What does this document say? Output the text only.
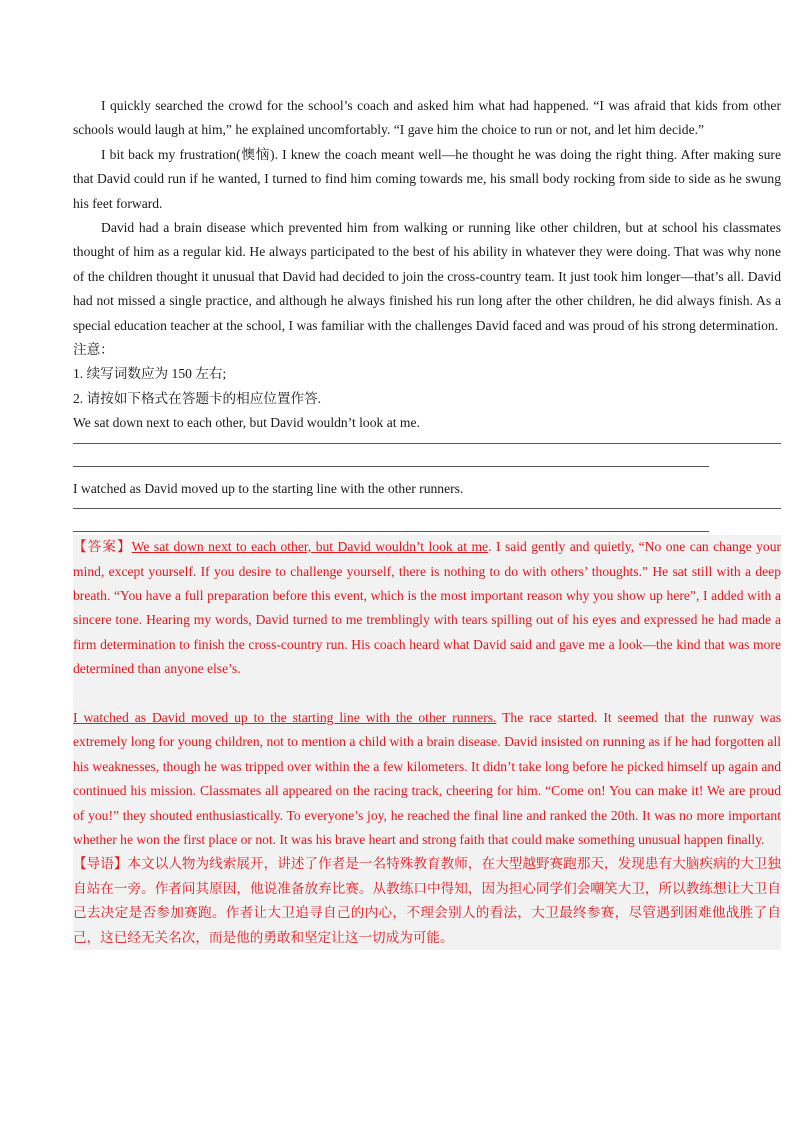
I quickly searched the crowd for the school’s coach and asked him what had happened. “I was afraid that kids from other schools would laugh at him,” he explained uncomfortably. “I gave him the choice to run or not, and let him decide.”

I bit back my frustration(懊恼). I knew the coach meant well—he thought he was doing the right thing. After making sure that David could run if he wanted, I turned to find him coming towards me, his small body rocking from side to side as he swung his feet forward.

David had a brain disease which prevented him from walking or running like other children, but at school his classmates thought of him as a regular kid. He always participated to the best of his ability in whatever they were doing. That was why none of the children thought it unusual that David had decided to join the cross-country team. It just took him longer—that’s all. David had not missed a single practice, and although he always finished his run long after the other children, he did always finish. As a special education teacher at the school, I was familiar with the challenges David faced and was proud of his strong determination.

注意：

1. 续写词数应为 150 左右;

2. 请按如下格式在答题卡的相应位置作答.

We sat down next to each other, but David wouldn’t look at me.

I watched as David moved up to the starting line with the other runners.

【答案】We sat down next to each other, but David wouldn’t look at me. I said gently and quietly, “No one can change your mind, except yourself. If you desire to challenge yourself, there is nothing to do with others’ thoughts.” He sat still with a deep breath. “You have a full preparation before this event, which is the most important reason why you show up here”, I added with a sincere tone. Hearing my words, David turned to me tremblingly with tears spilling out of his eyes and expressed he had made a firm determination to finish the cross-country run. His coach heard what David said and gave me a look—the kind that was more determined than anyone else’s.

I watched as David moved up to the starting line with the other runners. The race started. It seemed that the runway was extremely long for young children, not to mention a child with a brain disease. David insisted on running as if he had forgotten all his weaknesses, though he was tripped over within the a few kilometers. It didn’t take long before he picked himself up again and continued his mission. Classmates all appeared on the racing track, cheering for him. “Come on! You can make it! We are proud of you!” they shouted enthusiastically. To everyone’s joy, he reached the final line and ranked the 20th. It was no more important whether he won the first place or not. It was his brave heart and strong faith that could make something unusual happen finally.

【导语】本文以人物为线索展开，讲述了作者是一名特殊教育教师，在大型越野赛跑那天，发现患有大脑疾病的大卫独自站在一旁。作者问其原因，他说准备放弃比赛。从教练口中得知，因为担心同学们会嘲笑大卫，所以教练想让大卫自己去决定是否参加赛跑。作者让大卫追寻自己的内心，不理会别人的看法，大卫最终参赛，尽管遇到困难他战胜了自己，这已经无关名次，而是他的勇敢和坚定让这一切成为可能。
